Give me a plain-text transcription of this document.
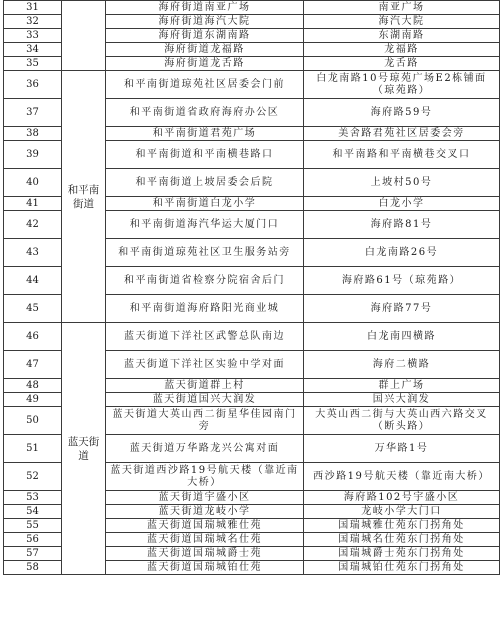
31		海府街道南亚广场	南亚广场
32		海府街道海汽大院	海汽大院
33		海府街道东湖南路	东湖南路
34		海府街道龙福路	龙福路
35		海府街道龙舌路	龙舌路
36	和平南街道	和平南街道琼苑社区居委会门前	白龙南路10号琼苑广场E2栋铺面（琼苑路）
37		和平南街道省政府海府办公区	海府路59号
38		和平南街道君苑广场	美舍路君苑社区居委会旁
39		和平南街道和平南横巷路口	和平南路和平南横巷交叉口
40		和平南街道上坡居委会后院	上坡村50号
41		和平南街道白龙小学	白龙小学
42		和平南街道海汽华运大厦门口	海府路81号
43		和平南街道琼苑社区卫生服务站旁	白龙南路26号
44		和平南街道省检察分院宿舍后门	海府路61号（琼苑路）
45		和平南街道海府路阳光商业城	海府路77号
46	蓝天街道	蓝天街道下洋社区武警总队南边	白龙南四横路
47		蓝天街道下洋社区实验中学对面	海府二横路
48		蓝天街道群上村	群上广场
49		蓝天街道国兴大润发	国兴大润发
50		蓝天街道大英山西二街星华佳园南门旁	大英山西二街与大英山西六路交叉（断头路）
51		蓝天街道万华路龙兴公寓对面	万华路1号
52		蓝天街道西沙路19号航天楼（靠近南大桥）	西沙路19号航天楼（靠近南大桥）
53		蓝天街道宇盛小区	海府路102号宇盛小区
54		蓝天街道龙岐小学	龙岐小学大门口
55		蓝天街道国瑞城雅仕苑	国瑞城雅仕苑东门拐角处
56		蓝天街道国瑞城名仕苑	国瑞城名仕苑东门拐角处
57		蓝天街道国瑞城爵士苑	国瑞城爵士苑东门拐角处
58		蓝天街道国瑞城铂仕苑	国瑞城铂仕苑东门拐角处
